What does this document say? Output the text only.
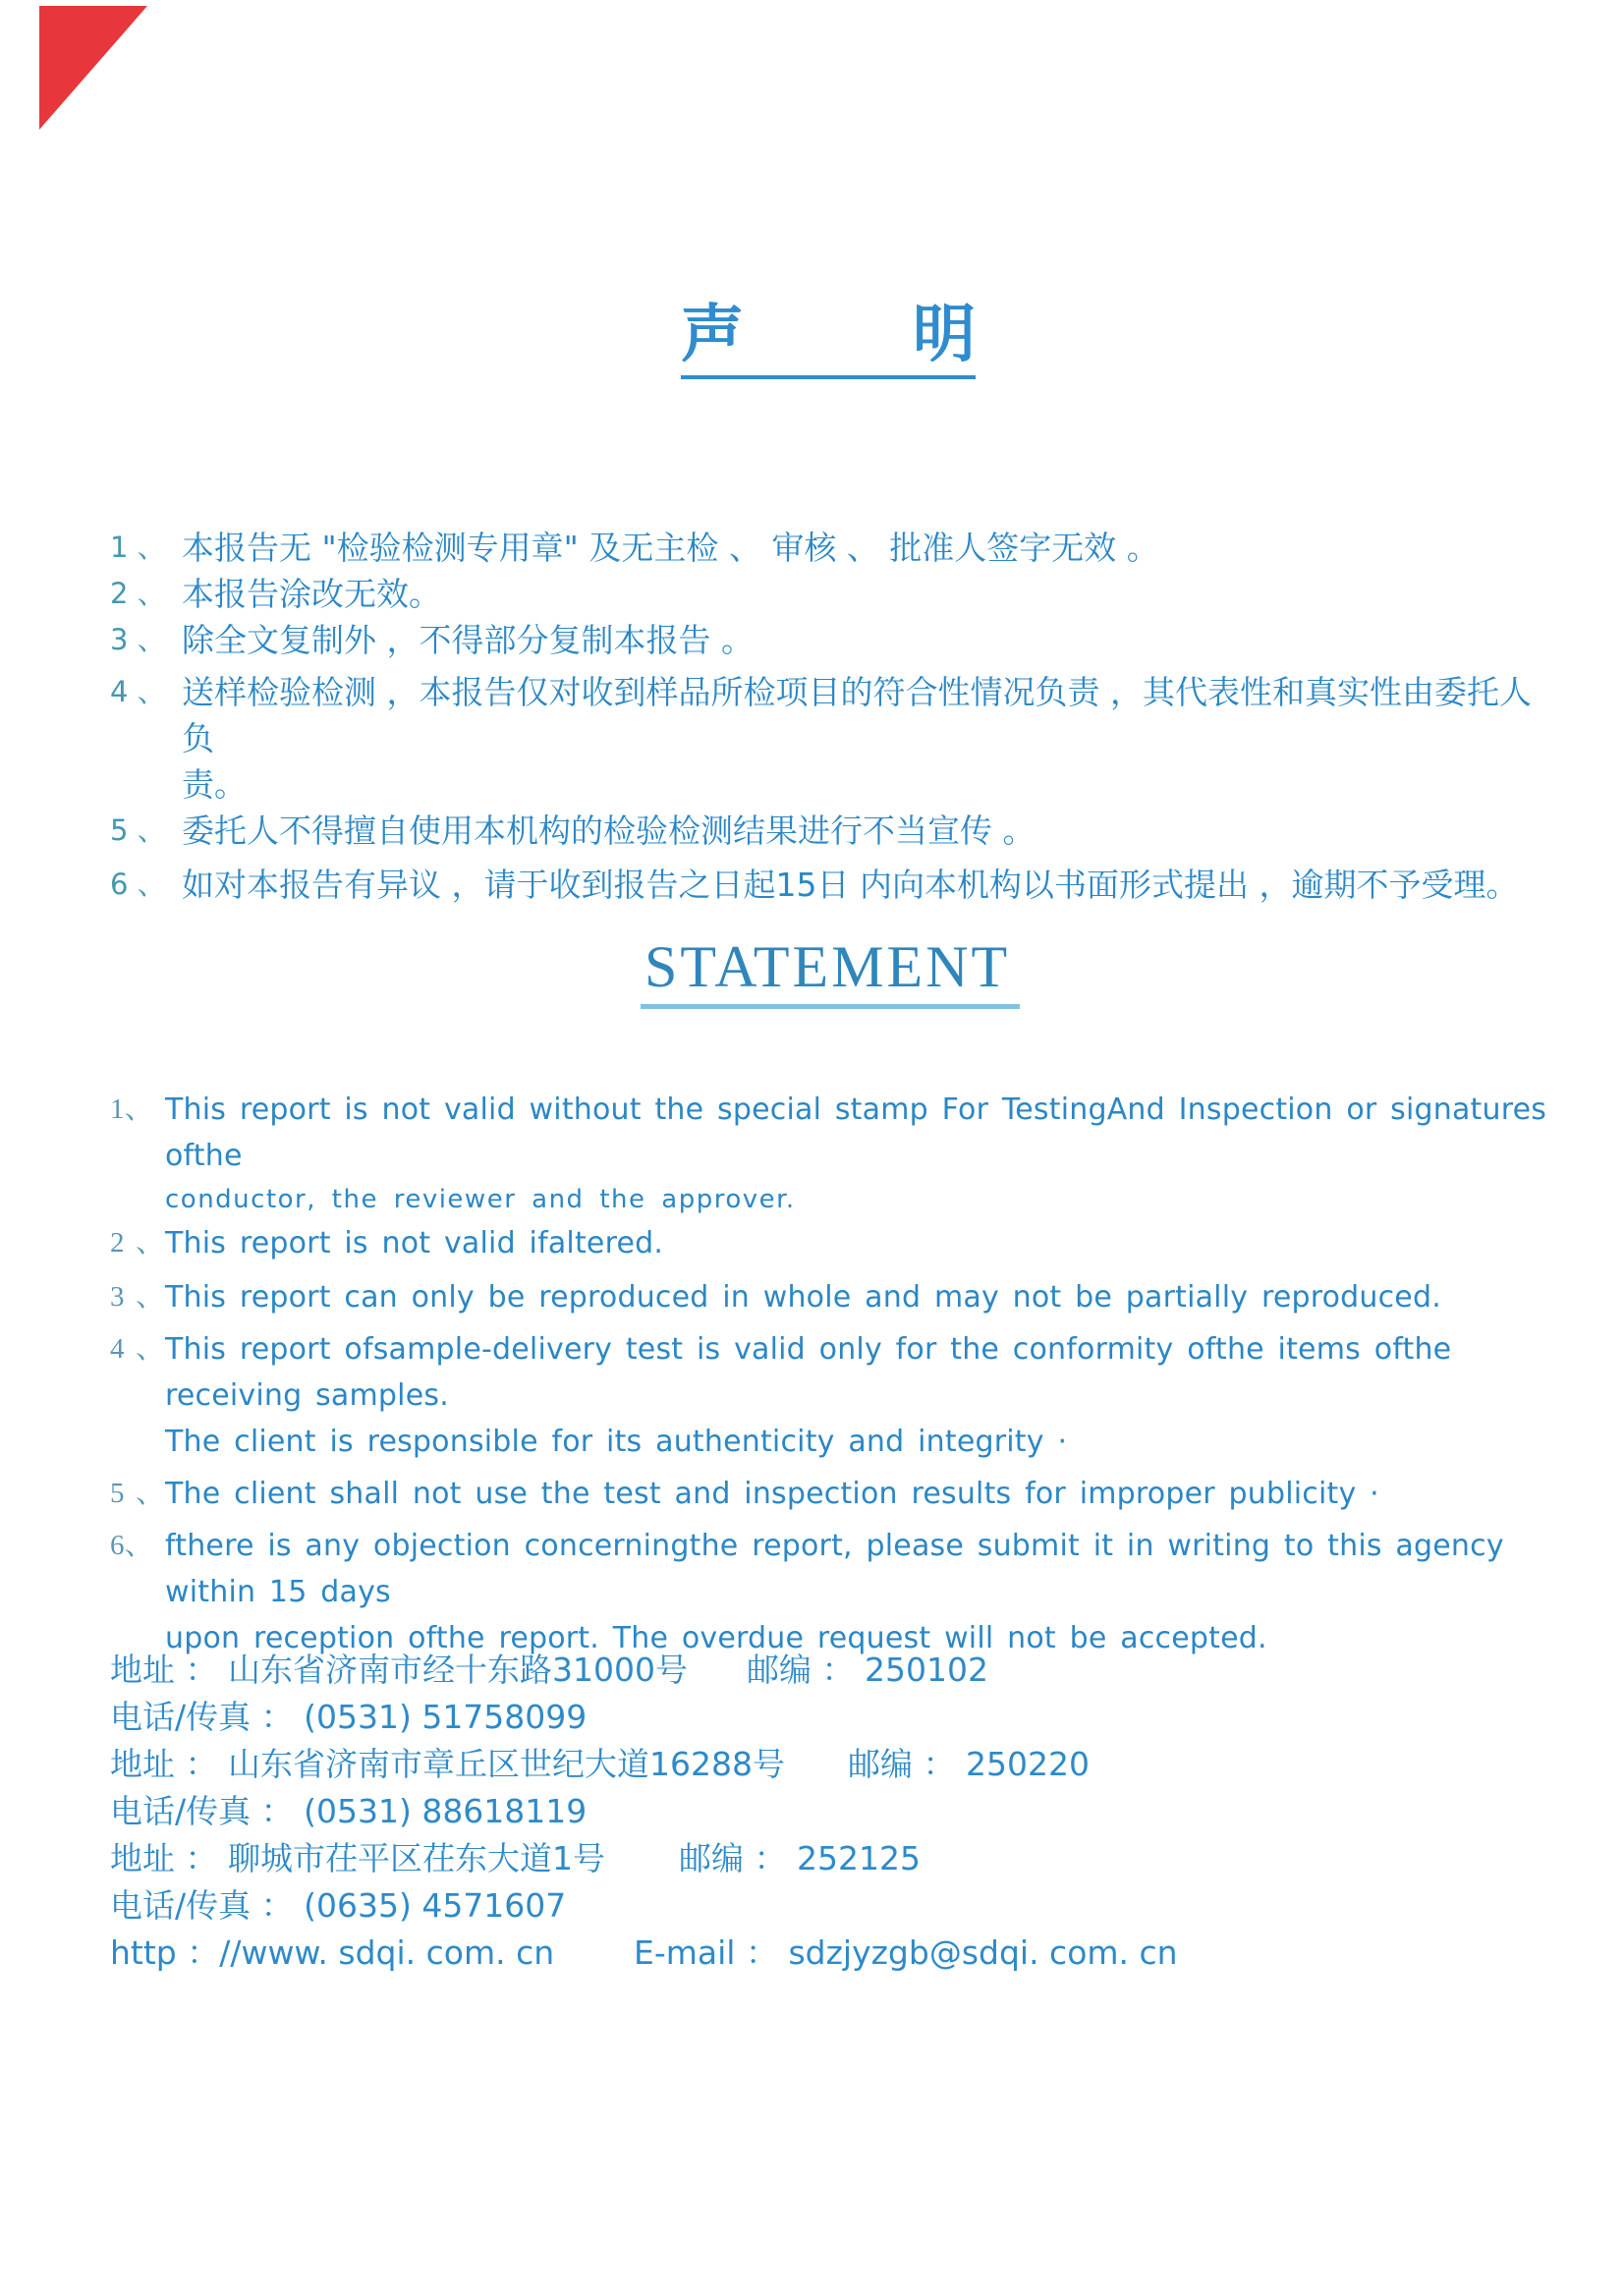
声	明
1 、 本报告无 "检验检测专用章" 及无主检 、 审核 、 批准人签字无效 。
2 、 本报告涂改无效。
3 、 除全文复制外 ，不得部分复制本报告 。
4 、 送样检验检测 ，本报告仅对收到样品所检项目的符合性情况负责 ，其代表性和真实性由委托人负
责。
5 、 委托人不得擅自使用本机构的检验检测结果进行不当宣传 。
6 、 如对本报告有异议 ，请于收到报告之日起15日 内向本机构以书面形式提出 ，逾期不予受理。
STATEMENT
1、 This report is not valid without the special stamp For TestingAnd Inspection or signatures ofthe
conductor, the reviewer and the approver.
2 、 This report is not valid ifaltered.
3 、 This report can only be reproduced in whole and may not be partially reproduced.
4 、 This report ofsample-delivery test is valid only for the conformity ofthe items ofthe receiving samples.
The client is responsible for its authenticity and integrity ·
5 、 The client shall not use the test and inspection results for improper publicity ·
6、 fthere is any objection concerningthe report, please submit it in writing to this agency within 15 days
upon reception ofthe report. The overdue request will not be accepted.
地址 ： 山东省济南市经十东路31000号 邮编 ： 250102
电话/传真 ： (0531) 51758099
地址 ： 山东省济南市章丘区世纪大道16288号 邮编 ： 250220
电话/传真 ： (0531) 88618119
地址 ： 聊城市茌平区茌东大道1号 邮编 ： 252125
电话/传真 ： (0635) 4571607
http ：//www. sdqi. com. cn E-mail ： sdzjyzgb@sdqi. com. cn
